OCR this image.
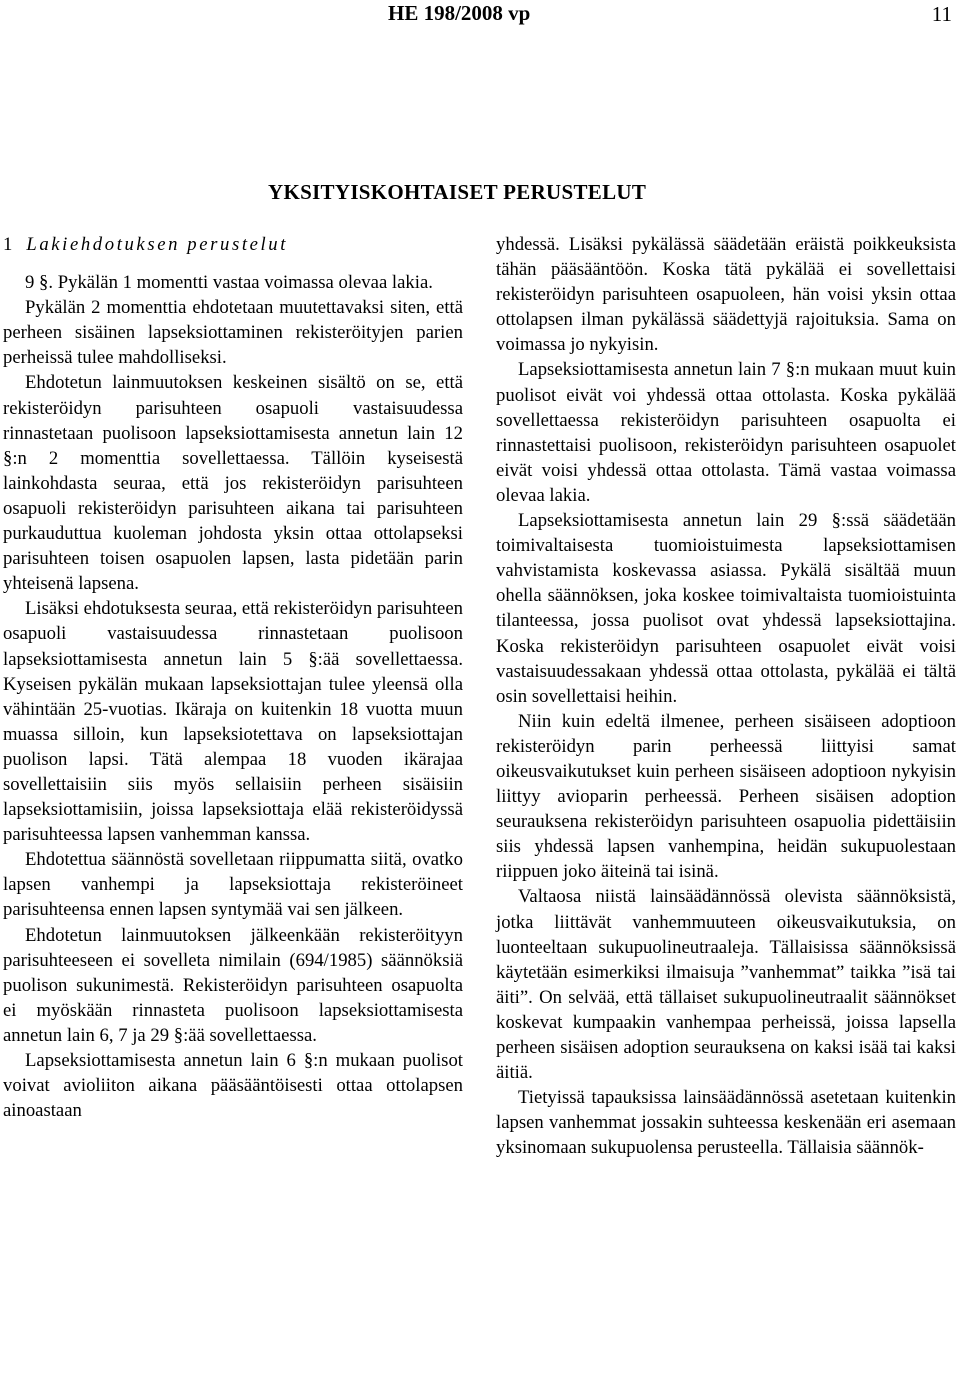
HE 198/2008 vp	11
YKSITYISKOHTAISET PERUSTELUT

1 Lakiehdotuksen perustelut

9 §. Pykälän 1 momentti vastaa voimassa olevaa lakia.

Pykälän 2 momenttia ehdotetaan muutettavaksi siten, että perheen sisäinen lapseksiottaminen rekisteröityjen parien perheissä tulee mahdolliseksi.

Ehdotetun lainmuutoksen keskeinen sisältö on se, että rekisteröidyn parisuhteen osapuoli vastaisuudessa rinnastetaan puolisoon lapseksiottamisesta annetun lain 12 §:n 2 momenttia sovellettaessa. Tällöin kyseisestä lainkohdasta seuraa, että jos rekisteröidyn parisuhteen osapuoli rekisteröidyn parisuhteen aikana tai parisuhteen purkauduttua kuoleman johdosta yksin ottaa ottolapseksi parisuhteen toisen osapuolen lapsen, lasta pidetään parin yhteisenä lapsena.

Lisäksi ehdotuksesta seuraa, että rekisteröidyn parisuhteen osapuoli vastaisuudessa rinnastetaan puolisoon lapseksiottamisesta annetun lain 5 §:ää sovellettaessa. Kyseisen pykälän mukaan lapseksiottajan tulee yleensä olla vähintään 25-vuotias. Ikäraja on kuitenkin 18 vuotta muun muassa silloin, kun lapseksiotettava on lapseksiottajan puolison lapsi. Tätä alempaa 18 vuoden ikärajaa sovellettaisiin siis myös sellaisiin perheen sisäisiin lapseksiottamisiin, joissa lapseksiottaja elää rekisteröidyssä parisuhteessa lapsen vanhemman kanssa.

Ehdotettua säännöstä sovelletaan riippumatta siitä, ovatko lapsen vanhempi ja lapseksiottaja rekisteröineet parisuhteensa ennen lapsen syntymää vai sen jälkeen.

Ehdotetun lainmuutoksen jälkeenkään rekisteröityyn parisuhteeseen ei sovelleta nimilain (694/1985) säännöksiä puolison sukunimestä. Rekisteröidyn parisuhteen osapuolta ei myöskään rinnasteta puolisoon lapseksiottamisesta annetun lain 6, 7 ja 29 §:ää sovellettaessa.

Lapseksiottamisesta annetun lain 6 §:n mukaan puolisot voivat avioliiton aikana pääsääntöisesti ottaa ottolapsen ainoastaan

yhdessä. Lisäksi pykälässä säädetään eräistä poikkeuksista tähän pääsääntöön. Koska tätä pykälää ei sovellettaisi rekisteröidyn parisuhteen osapuoleen, hän voisi yksin ottaa ottolapsen ilman pykälässä säädettyjä rajoituksia. Sama on voimassa jo nykyisin.

Lapseksiottamisesta annetun lain 7 §:n mukaan muut kuin puolisot eivät voi yhdessä ottaa ottolasta. Koska pykälää sovellettaessa rekisteröidyn parisuhteen osapuolta ei rinnastettaisi puolisoon, rekisteröidyn parisuhteen osapuolet eivät voisi yhdessä ottaa ottolasta. Tämä vastaa voimassa olevaa lakia.

Lapseksiottamisesta annetun lain 29 §:ssä säädetään toimivaltaisesta tuomioistuimesta lapseksiottamisen vahvistamista koskevassa asiassa. Pykälä sisältää muun ohella säännöksen, joka koskee toimivaltaista tuomioistuinta tilanteessa, jossa puolisot ovat yhdessä lapseksiottajina. Koska rekisteröidyn parisuhteen osapuolet eivät voisi vastaisuudessakaan yhdessä ottaa ottolasta, pykälää ei tältä osin sovellettaisi heihin.

Niin kuin edeltä ilmenee, perheen sisäiseen adoptioon rekisteröidyn parin perheessä liittyisi samat oikeusvaikutukset kuin perheen sisäiseen adoptioon nykyisin liittyy avioparin perheessä. Perheen sisäisen adoption seurauksena rekisteröidyn parisuhteen osapuolia pidettäisiin siis yhdessä lapsen vanhempina, heidän sukupuolestaan riippuen joko äiteinä tai isinä.

Valtaosa niistä lainsäädännössä olevista säännöksistä, jotka liittävät vanhemmuuteen oikeusvaikutuksia, on luonteeltaan sukupuolineutraaleja. Tällaisissa säännöksissä käytetään esimerkiksi ilmaisuja ”vanhemmat” taikka ”isä tai äiti”. On selvää, että tällaiset sukupuolineutraalit säännökset koskevat kumpaakin vanhempaa perheissä, joissa lapsella perheen sisäisen adoption seurauksena on kaksi isää tai kaksi äitiä.

Tietyissä tapauksissa lainsäädännössä asetetaan kuitenkin lapsen vanhemmat jossakin suhteessa keskenään eri asemaan yksinomaan sukupuolensa perusteella. Tällaisia säännök-
